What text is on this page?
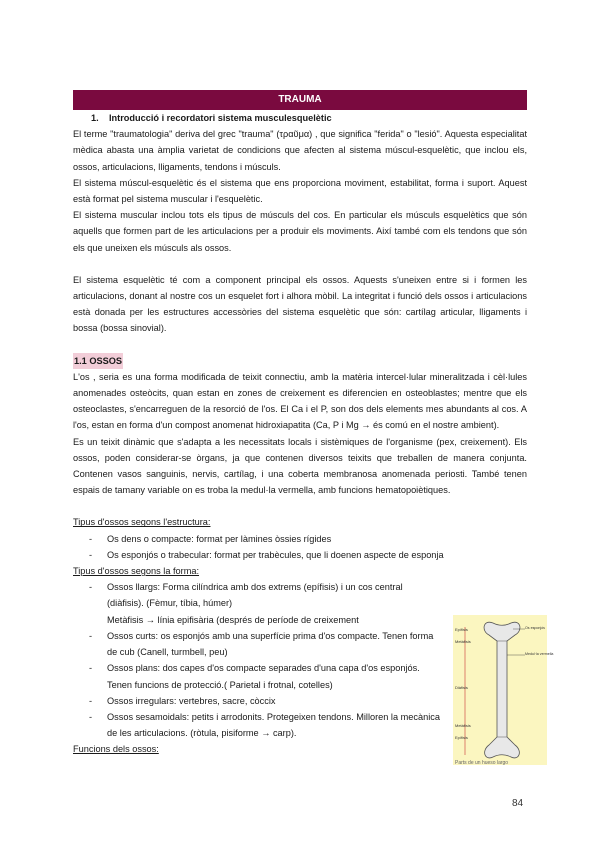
TRAUMA
1. Introducció i recordatori sistema musculesquelètic

El terme "traumatologia" deriva del grec "trauma" (τραῦμα) , que significa "ferida" o "lesió". Aquesta especialitat mèdica abasta una àmplia varietat de condicions que afecten al sistema múscul-esquelètic, que inclou els, ossos, articulacions, lligaments, tendons i músculs.

El sistema múscul-esquelètic és el sistema que ens proporciona moviment, estabilitat, forma i suport. Aquest està format pel sistema muscular i l'esquelètic.

El sistema muscular inclou tots els tipus de músculs del cos. En particular els músculs esquelètics que són aquells que formen part de les articulacions per a produir els moviments. Així també com els tendons que són els que uneixen els músculs als ossos.

El sistema esquelètic té com a component principal els ossos. Aquests s'uneixen entre si i formen les articulacions, donant al nostre cos un esquelet fort i alhora mòbil. La integritat i funció dels ossos i articulacions està donada per les estructures accessòries del sistema esquelètic que són: cartílag articular, lligaments i bossa (bossa sinovial).

1.1 OSSOS

L'os , seria es una forma modificada de teixit connectiu, amb la matèria intercel·lular mineralitzada i cèl·lules anomenades osteòcits, quan estan en zones de creixement es diferencien en osteoblastes; mentre que els osteoclastes, s'encarreguen de la resorció de l'os. El Ca i el P, son dos dels elements mes abundants al cos. A l'os, estan en forma d'un compost anomenat hidroxiapatita (Ca, P i Mg → és comú en el nostre ambient).

Es un teixit dinàmic que s'adapta a les necessitats locals i sistèmiques de l'organisme (pex, creixement). Els ossos, poden considerar-se òrgans, ja que contenen diversos teixits que treballen de manera conjunta. Contenen vasos sanguinis, nervis, cartílag, i una coberta membranosa anomenada periosti. També tenen espais de tamany variable on es troba la medul·la vermella, amb funcions hematopoiètiques.

Tipus d'ossos segons l'estructura:
- Os dens o compacte: format per làmines òssies rígides
- Os esponjós o trabecular: format per trabècules, que li doenen aspecte de esponja
Tipus d'ossos segons la forma:
- Ossos llargs: Forma cilíndrica amb dos extrems (epífisis) i un cos central (diàfisis). (Fèmur, tíbia, húmer)
Metàfisis → línia epifisària (després de període de creixement
- Ossos curts: os esponjós amb una superfície prima d'os compacte. Tenen forma de cub (Canell, turmbell, peu)
- Ossos plans: dos capes d'os compacte separades d'una capa d'os esponjós. Tenen funcions de protecció.( Parietal i frotnal, cotelles)
- Ossos irregulars: vertebres, sacre, còccix
- Ossos sesamoidals: petits i arrodonits. Protegeixen tendons. Milloren la mecànica de les articulacions. (ròtula, pisiforme → carp).
Funcions dels ossos:
Epífisis
Metàfisis
Diàfisis
Metàfisis
Epífisis
Os esponjós
Medul·la vermella
Parts de un hueso largo
84
